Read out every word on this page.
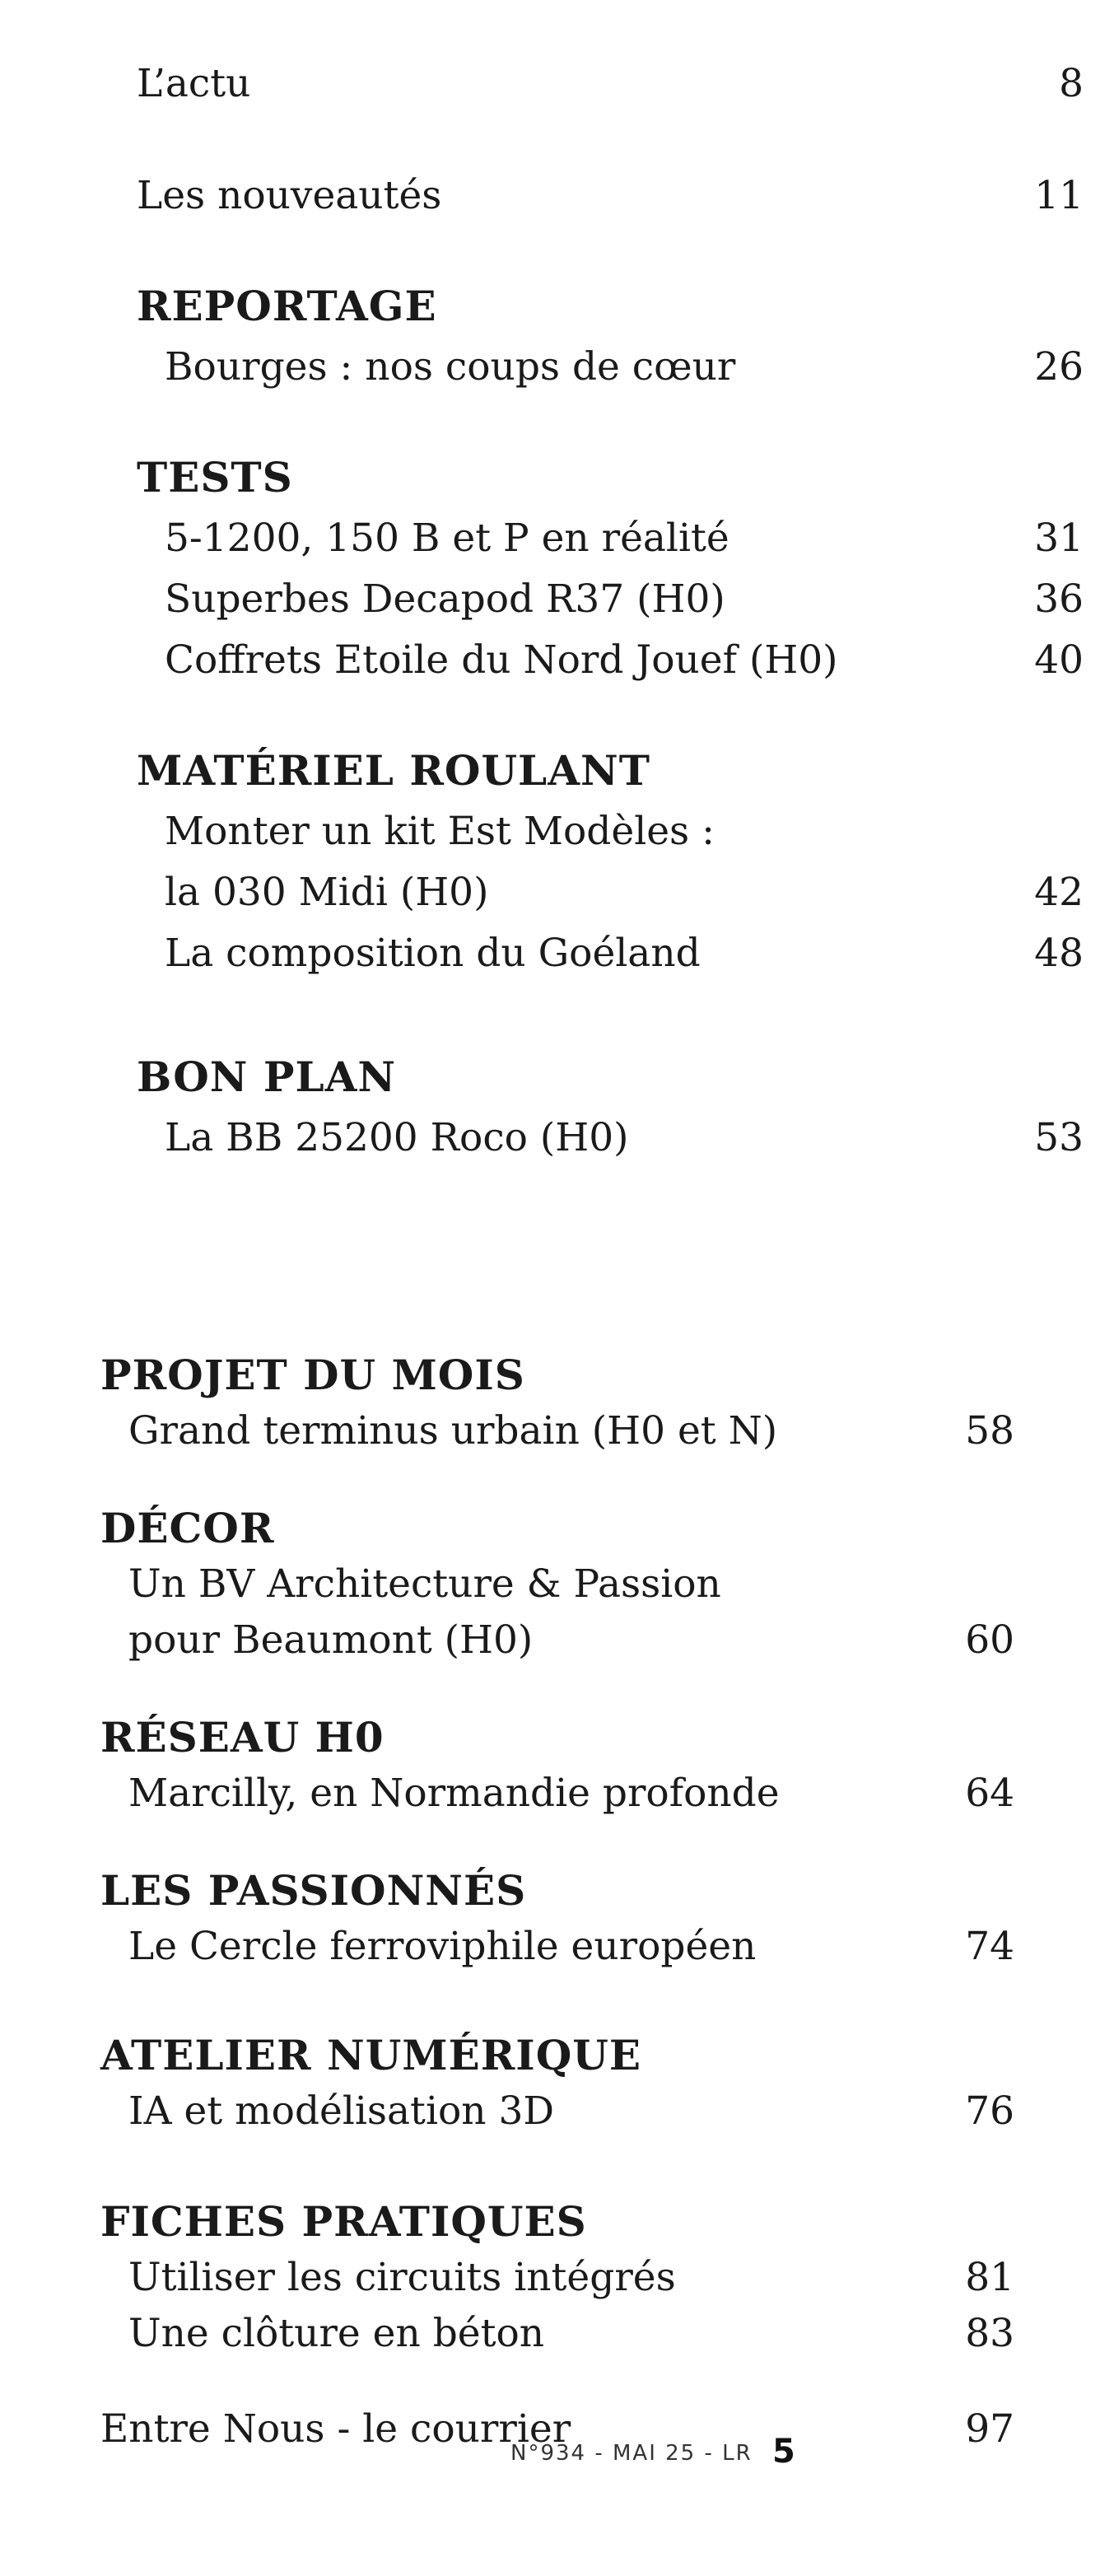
L’actu	8
Les nouveautés	11
REPORTAGE
Bourges : nos coups de cœur	26
TESTS
5-1200, 150 B et P en réalité	31
Superbes Decapod R37 (H0)	36
Coffrets Etoile du Nord Jouef (H0)	40
MATÉRIEL ROULANT
Monter un kit Est Modèles :
la 030 Midi (H0)	42
La composition du Goéland	48
BON PLAN
La BB 25200 Roco (H0)	53
PROJET DU MOIS
Grand terminus urbain (H0 et N)	58
DÉCOR
Un BV Architecture & Passion
pour Beaumont (H0)	60
RÉSEAU H0
Marcilly, en Normandie profonde	64
LES PASSIONNÉS
Le Cercle ferroviphile européen	74
ATELIER NUMÉRIQUE
IA et modélisation 3D	76
FICHES PRATIQUES
Utiliser les circuits intégrés	81
Une clôture en béton	83
Entre Nous - le courrier	97
N°934 - MAI 25 - LR 5
